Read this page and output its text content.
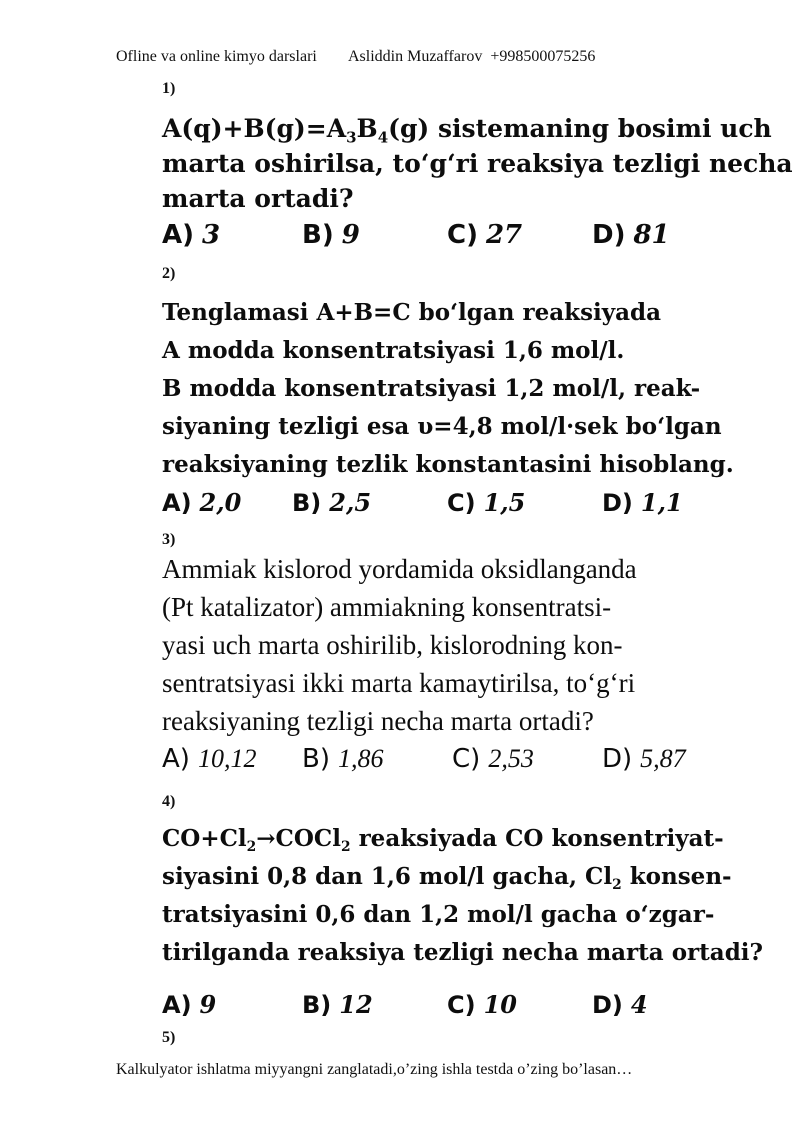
Ofline va online kimyo darslari Asliddin Muzaffarov +998500075256
1)
$A(q)+B(g)=A_3B_4(g)$ sistemaning bosimi uch
marta oshirilsa, to‘g‘ri reaksiya tezligi necha
marta ortadi?
A) 3	B) 9	C) 27	D) 81
2)
Tenglamasi A+B=C bo‘lgan reaksiyada
A modda konsentratsiyasi 1,6 mol/l.
B modda konsentratsiyasi 1,2 mol/l, reak-
siyaning tezligi esa υ=4,8 mol/l·sek bo‘lgan
reaksiyaning tezlik konstantasini hisoblang.
A) 2,0 B) 2,5	C) 1,5	D) 1,1
3)
Ammiak kislorod yordamida oksidlanganda
(Pt katalizator) ammiakning konsentratsi-
yasi uch marta oshirilib, kislorodning kon-
sentratsiyasi ikki marta kamaytirilsa, to‘g‘ri
reaksiyaning tezligi necha marta ortadi?
A) 10,12 B) 1,86	C) 2,53	D) 5,87
4)
$CO+Cl_2\to COCl_2$ reaksiyada CO konsentriyat-
siyasini 0,8 dan 1,6 mol/l gacha, $Cl_2$ konsen-
tratsiyasini 0,6 dan 1,2 mol/l gacha o‘zgar-
tirilganda reaksiya tezligi necha marta ortadi?
A) 9	B) 12	C) 10	D) 4
5)
Kalkulyator ishlatma miyyangni zanglatadi,o’zing ishla testda o’zing bo’lasan…
